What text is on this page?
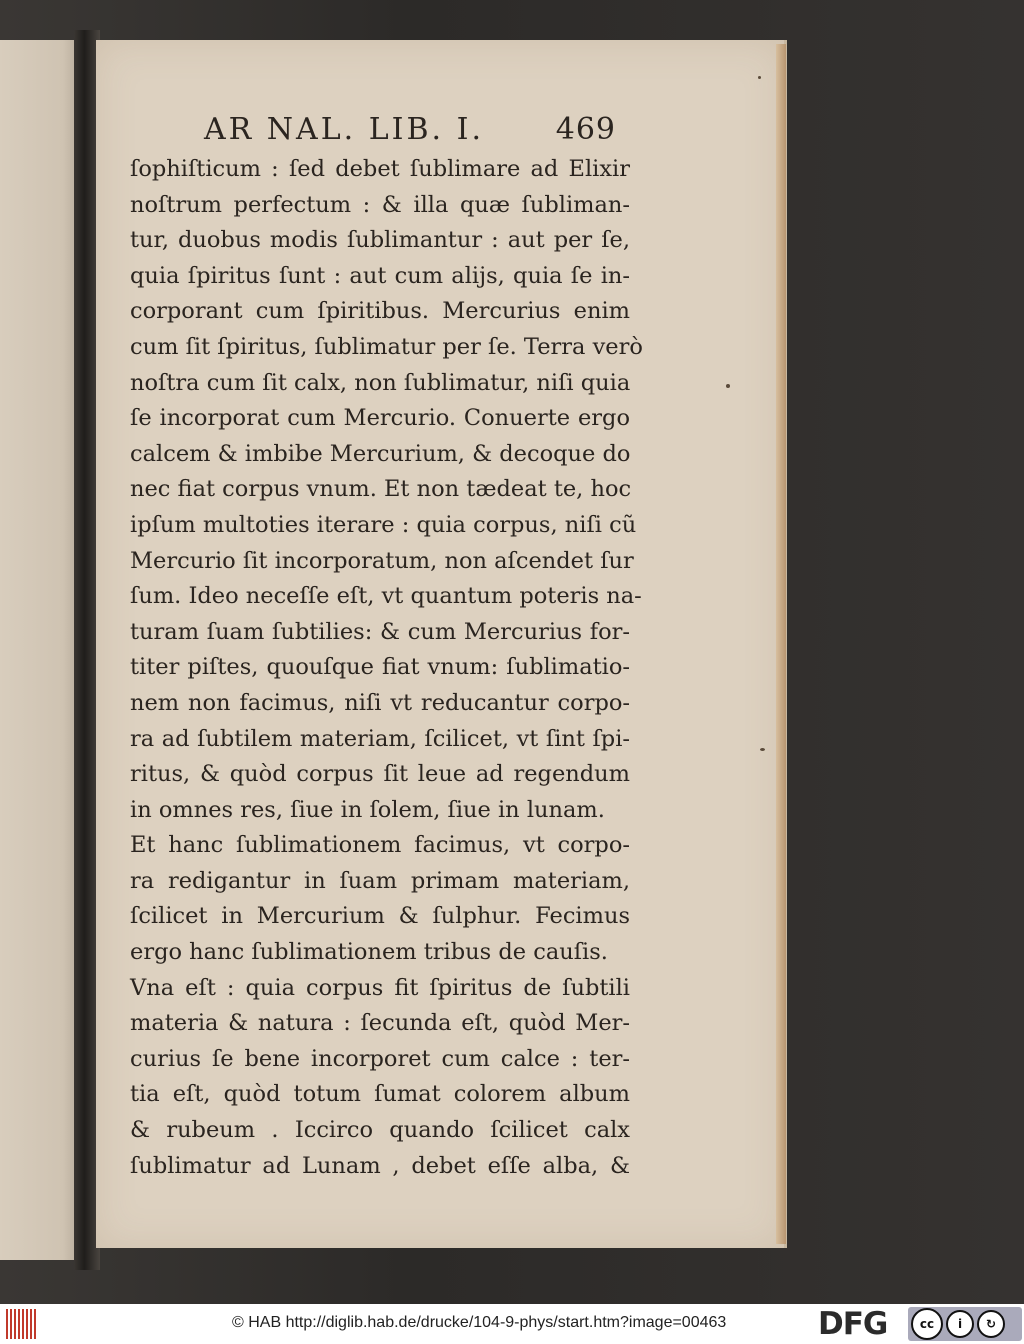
AR NAL. LIB. I. 469
ſophiſticum : ſed debet ſublimare ad Elixir
noſtrum perfectum : & illa quæ ſubliman-
tur, duobus modis ſublimantur : aut per ſe,
quia ſpiritus ſunt : aut cum alijs, quia ſe in-
corporant cum ſpiritibus. Mercurius enim
cum ſit ſpiritus, ſublimatur per ſe. Terra verò
noſtra cum ſit calx, non ſublimatur, niſi quia
ſe incorporat cum Mercurio. Conuerte ergo
calcem & imbibe Mercurium, & decoque do
nec fiat corpus vnum. Et non tædeat te, hoc
ipſum multoties iterare : quia corpus, niſi cũ
Mercurio ſit incorporatum, non aſcendet ſur
ſum. Ideo neceſſe eſt, vt quantum poteris na-
turam ſuam ſubtilies: & cum Mercurius for-
titer piſtes, quouſque fiat vnum: ſublimatio-
nem non facimus, niſi vt reducantur corpo-
ra ad ſubtilem materiam, ſcilicet, vt ſint ſpi-
ritus, & quòd corpus ſit leue ad regendum
in omnes res, ſiue in ſolem, ſiue in lunam.
Et hanc ſublimationem facimus, vt corpo-
ra redigantur in ſuam primam materiam,
ſcilicet in Mercurium & ſulphur. Fecimus
ergo hanc ſublimationem tribus de cauſis.
Vna eſt : quia corpus fit ſpiritus de ſubtili
materia & natura : ſecunda eſt, quòd Mer-
curius ſe bene incorporet cum calce : ter-
tia eſt, quòd totum ſumat colorem album
& rubeum . Iccirco quando ſcilicet calx
ſublimatur ad Lunam , debet eſſe alba, &
© HAB http://diglib.hab.de/drucke/104-9-phys/start.htm?image=00463	DFG	cc	i	↻
